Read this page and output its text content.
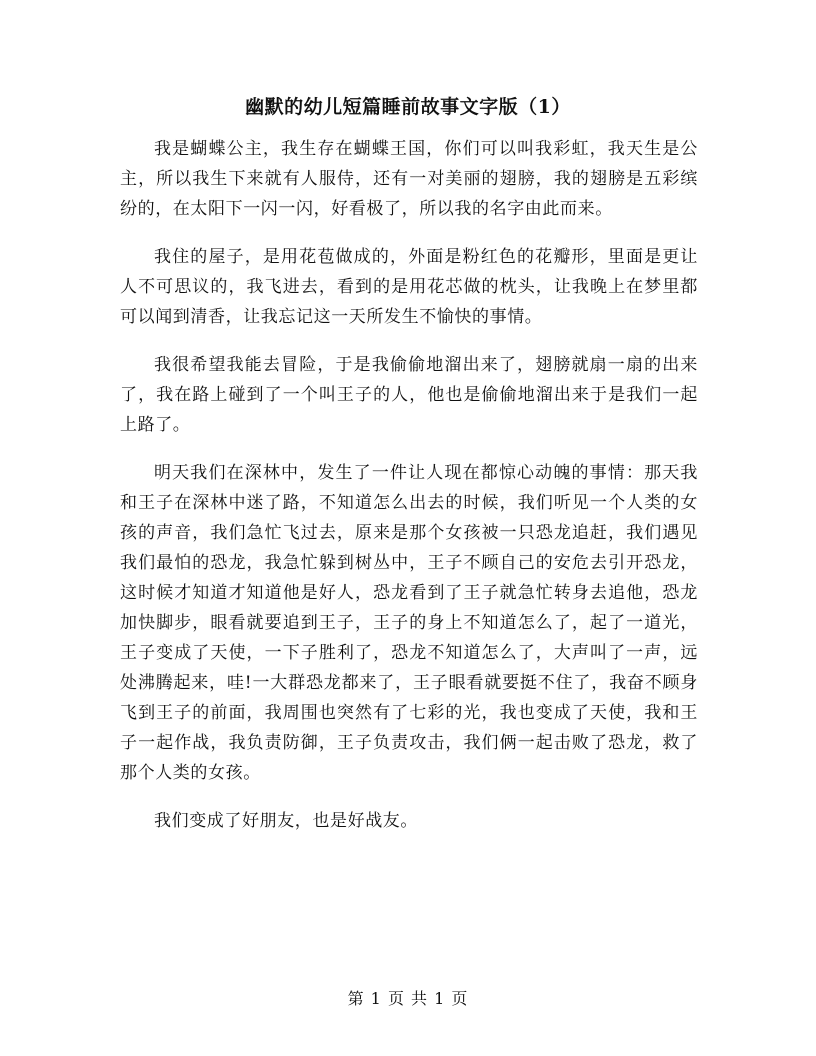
幽默的幼儿短篇睡前故事文字版（1）

我是蝴蝶公主，我生存在蝴蝶王国，你们可以叫我彩虹，我天生是公主，所以我生下来就有人服侍，还有一对美丽的翅膀，我的翅膀是五彩缤纷的，在太阳下一闪一闪，好看极了，所以我的名字由此而来。

我住的屋子，是用花苞做成的，外面是粉红色的花瓣形，里面是更让人不可思议的，我飞进去，看到的是用花芯做的枕头，让我晚上在梦里都可以闻到清香，让我忘记这一天所发生不愉快的事情。

我很希望我能去冒险，于是我偷偷地溜出来了，翅膀就扇一扇的出来了，我在路上碰到了一个叫王子的人，他也是偷偷地溜出来于是我们一起上路了。

明天我们在深林中，发生了一件让人现在都惊心动魄的事情：那天我和王子在深林中迷了路，不知道怎么出去的时候，我们听见一个人类的女孩的声音，我们急忙飞过去，原来是那个女孩被一只恐龙追赶，我们遇见我们最怕的恐龙，我急忙躲到树丛中，王子不顾自己的安危去引开恐龙，这时候才知道才知道他是好人，恐龙看到了王子就急忙转身去追他，恐龙加快脚步，眼看就要追到王子，王子的身上不知道怎么了，起了一道光，王子变成了天使，一下子胜利了，恐龙不知道怎么了，大声叫了一声，远处沸腾起来，哇!一大群恐龙都来了，王子眼看就要挺不住了，我奋不顾身飞到王子的前面，我周围也突然有了七彩的光，我也变成了天使，我和王子一起作战，我负责防御，王子负责攻击，我们俩一起击败了恐龙，救了那个人类的女孩。

我们变成了好朋友，也是好战友。

第 1 页 共 1 页
